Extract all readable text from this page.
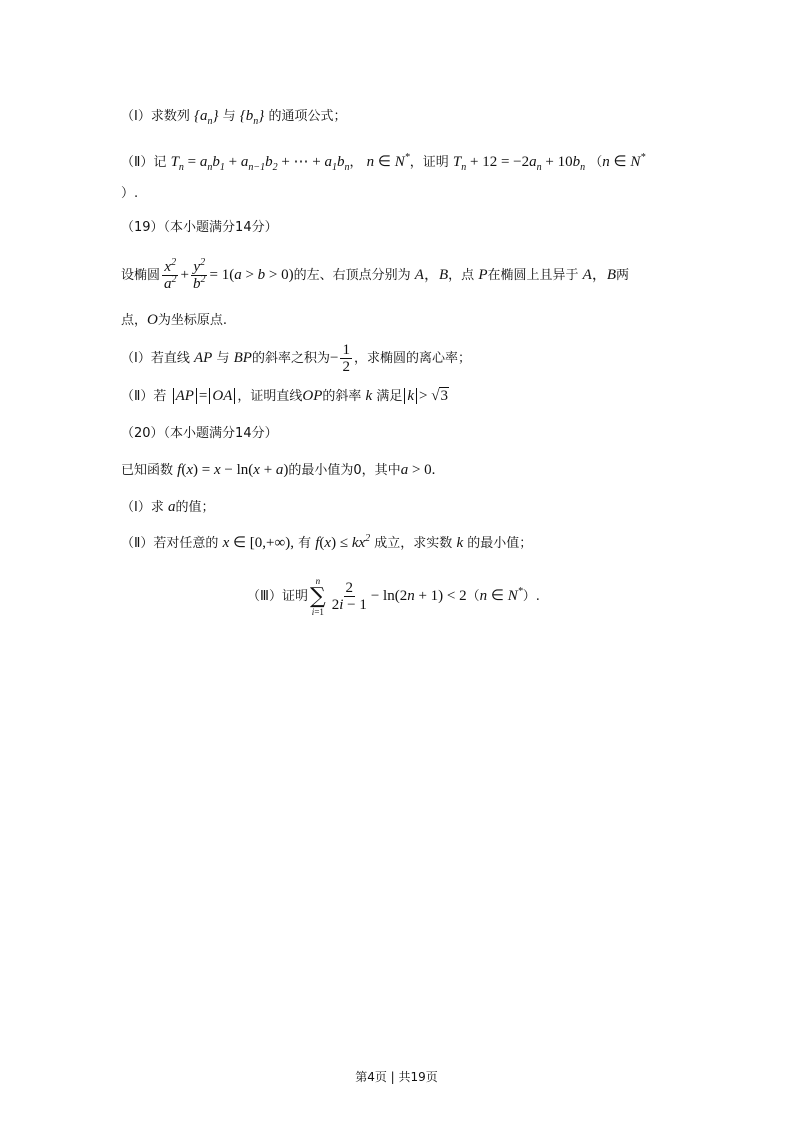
（Ⅰ）求数列 $\{a_n\}$ 与 $\{b_n\}$ 的通项公式；
（Ⅱ）记 $T_n = a_nb_1 + a_{n-1}b_2$ + ⋯ + $a_1b_n$， n ∈ N*，证明 $T_n + 12 = -2a_n + 10b_n$ （n ∈ N*
）.
（19）（本小题满分14分）
设椭圆 $\frac{x^2}{a^2} + \frac{y^2}{b^2} = 1(a > b > 0)$的左、右顶点分别为 A，B，点 P在椭圆上且异于 A，B两
点，O为坐标原点.
（Ⅰ）若直线 AP 与 BP的斜率之积为− $\frac{1}{2}$ ，求椭圆的离心率；
（Ⅱ）若 AP = OA ，证明直线OP的斜率 k 满足 k > √3
（20）（本小题满分14分）
已知函数 f(x) = x − ln(x + a)的最小值为0，其中a > 0.
（Ⅰ）求 a的值；
（Ⅱ）若对任意的 x ∈ [0,+∞), 有 $f(x) \le kx^2$ 成立，求实数 k 的最小值；
（Ⅲ）证明
n
∑
$i=1 \frac{2}{2i - 1} - \ln(2n + 1) < 2(n$ ∈ N*）.
第4页 | 共19页
